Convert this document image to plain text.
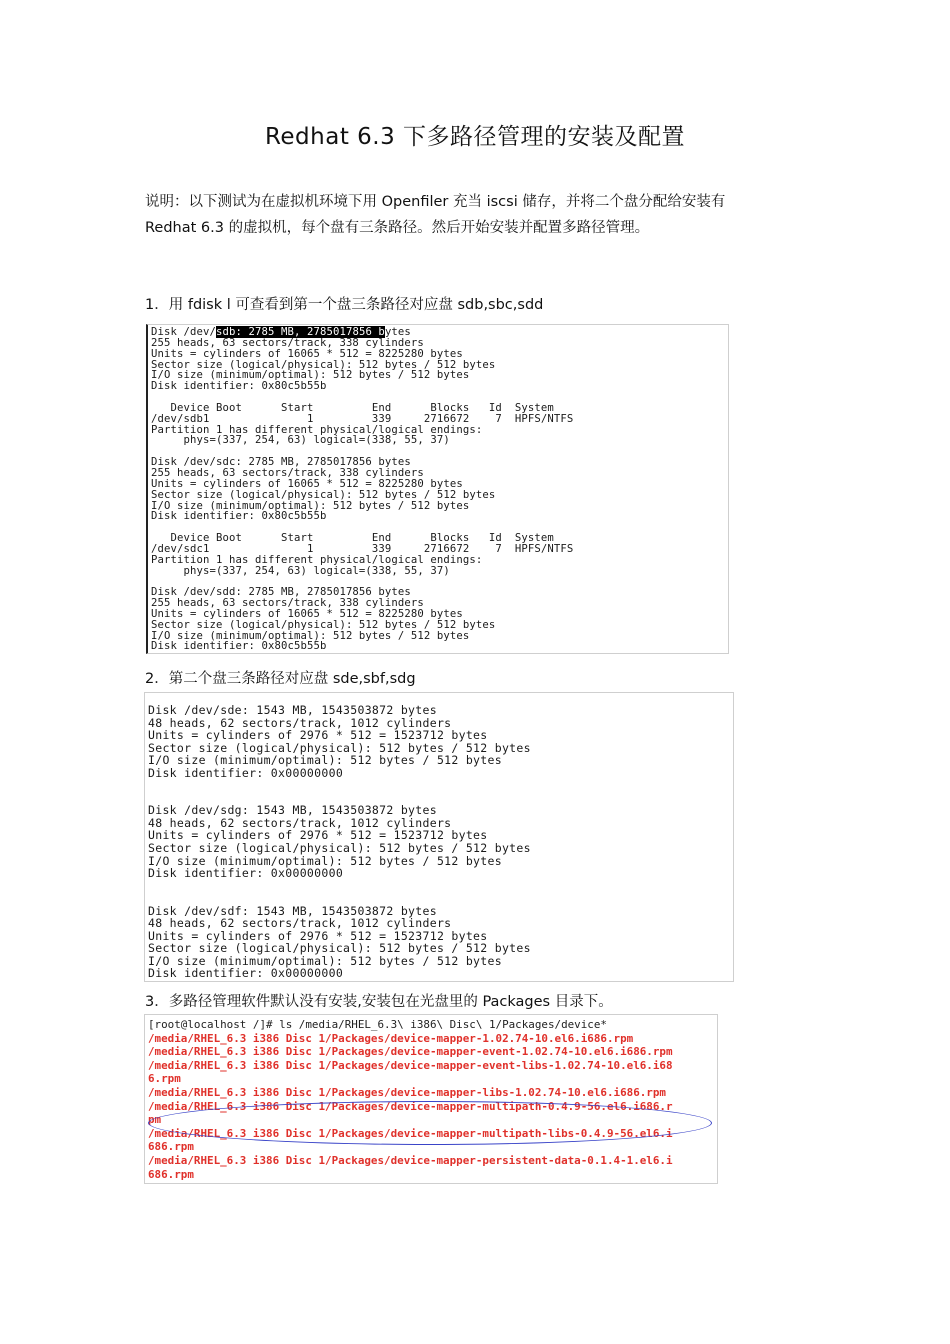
Redhat 6.3 下多路径管理的安装及配置
说明：以下测试为在虚拟机环境下用 Openfiler 充当 iscsi 储存，并将二个盘分配给安装有
Redhat 6.3 的虚拟机，每个盘有三条路径。然后开始安装并配置多路径管理。
1．用 fdisk l 可查看到第一个盘三条路径对应盘 sdb,sbc,sdd
Disk /dev/sdb: 2785 MB, 2785017856 bytes
255 heads, 63 sectors/track, 338 cylinders
Units = cylinders of 16065 * 512 = 8225280 bytes
Sector size (logical/physical): 512 bytes / 512 bytes
I/O size (minimum/optimal): 512 bytes / 512 bytes
Disk identifier: 0x80c5b55b

Device Boot      Start         End      Blocks   Id  System
/dev/sdb1               1         339     2716672    7  HPFS/NTFS
Partition 1 has different physical/logical endings:
phys=(337, 254, 63) logical=(338, 55, 37)

Disk /dev/sdc: 2785 MB, 2785017856 bytes
255 heads, 63 sectors/track, 338 cylinders
Units = cylinders of 16065 * 512 = 8225280 bytes
Sector size (logical/physical): 512 bytes / 512 bytes
I/O size (minimum/optimal): 512 bytes / 512 bytes
Disk identifier: 0x80c5b55b

Device Boot      Start         End      Blocks   Id  System
/dev/sdc1               1         339     2716672    7  HPFS/NTFS
Partition 1 has different physical/logical endings:
phys=(337, 254, 63) logical=(338, 55, 37)

Disk /dev/sdd: 2785 MB, 2785017856 bytes
255 heads, 63 sectors/track, 338 cylinders
Units = cylinders of 16065 * 512 = 8225280 bytes
Sector size (logical/physical): 512 bytes / 512 bytes
I/O size (minimum/optimal): 512 bytes / 512 bytes
Disk identifier: 0x80c5b55b
2．第二个盘三条路径对应盘 sde,sbf,sdg
Disk /dev/sde: 1543 MB, 1543503872 bytes
48 heads, 62 sectors/track, 1012 cylinders
Units = cylinders of 2976 * 512 = 1523712 bytes
Sector size (logical/physical): 512 bytes / 512 bytes
I/O size (minimum/optimal): 512 bytes / 512 bytes
Disk identifier: 0x00000000

Disk /dev/sdg: 1543 MB, 1543503872 bytes
48 heads, 62 sectors/track, 1012 cylinders
Units = cylinders of 2976 * 512 = 1523712 bytes
Sector size (logical/physical): 512 bytes / 512 bytes
I/O size (minimum/optimal): 512 bytes / 512 bytes
Disk identifier: 0x00000000

Disk /dev/sdf: 1543 MB, 1543503872 bytes
48 heads, 62 sectors/track, 1012 cylinders
Units = cylinders of 2976 * 512 = 1523712 bytes
Sector size (logical/physical): 512 bytes / 512 bytes
I/O size (minimum/optimal): 512 bytes / 512 bytes
Disk identifier: 0x00000000
3．多路径管理软件默认没有安装,安装包在光盘里的 Packages 目录下。
[root@localhost /]# ls /media/RHEL_6.3\ i386\ Disc\ 1/Packages/device*
/media/RHEL_6.3 i386 Disc 1/Packages/device-mapper-1.02.74-10.el6.i686.rpm
/media/RHEL_6.3 i386 Disc 1/Packages/device-mapper-event-1.02.74-10.el6.i686.rpm
/media/RHEL_6.3 i386 Disc 1/Packages/device-mapper-event-libs-1.02.74-10.el6.i68
6.rpm
/media/RHEL_6.3 i386 Disc 1/Packages/device-mapper-libs-1.02.74-10.el6.i686.rpm
/media/RHEL_6.3 i386 Disc 1/Packages/device-mapper-multipath-0.4.9-56.el6.i686.r
pm
/media/RHEL_6.3 i386 Disc 1/Packages/device-mapper-multipath-libs-0.4.9-56.el6.i
686.rpm
/media/RHEL_6.3 i386 Disc 1/Packages/device-mapper-persistent-data-0.1.4-1.el6.i
686.rpm
